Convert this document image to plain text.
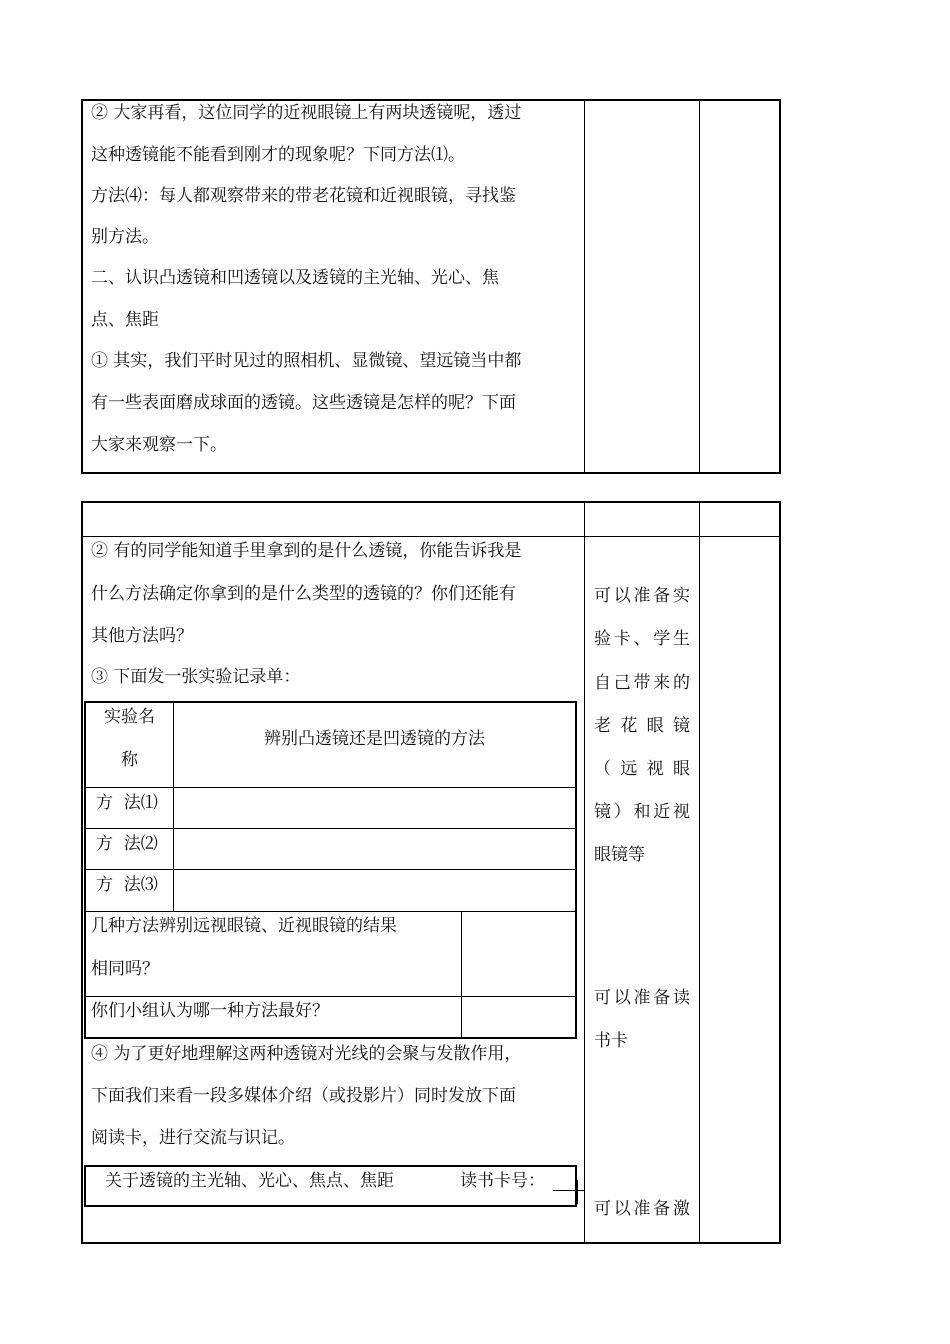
② 大家再看，这位同学的近视眼镜上有两块透镜呢，透过
这种透镜能不能看到刚才的现象呢？下同方法⑴。
方法⑷：每人都观察带来的带老花镜和近视眼镜，寻找鉴
别方法。
二、认识凸透镜和凹透镜以及透镜的主光轴、光心、焦
点、焦距
① 其实，我们平时见过的照相机、显微镜、望远镜当中都
有一些表面磨成球面的透镜。这些透镜是怎样的呢？下面
大家来观察一下。
② 有的同学能知道手里拿到的是什么透镜，你能告诉我是
什么方法确定你拿到的是什么类型的透镜的？你们还能有
其他方法吗？
③ 下面发一张实验记录单：
实验名
称
辨别凸透镜还是凹透镜的方法
方  法⑴
方  法⑵
方  法⑶
几种方法辨别远视眼镜、近视眼镜的结果
相同吗？
你们小组认为哪一种方法最好？
④ 为了更好地理解这两种透镜对光线的会聚与发散作用，
下面我们来看一段多媒体介绍（或投影片）同时发放下面
阅读卡，进行交流与识记。
关于透镜的主光轴、光心、焦点、焦距	读书卡号：
可 以 准 备 实
验 卡 、 学 生
自 己 带 来 的
老 花 眼 镜
（ 远 视 眼
镜 ） 和 近 视
眼镜等
可 以 准 备 读
书卡
可 以 准 备 激
